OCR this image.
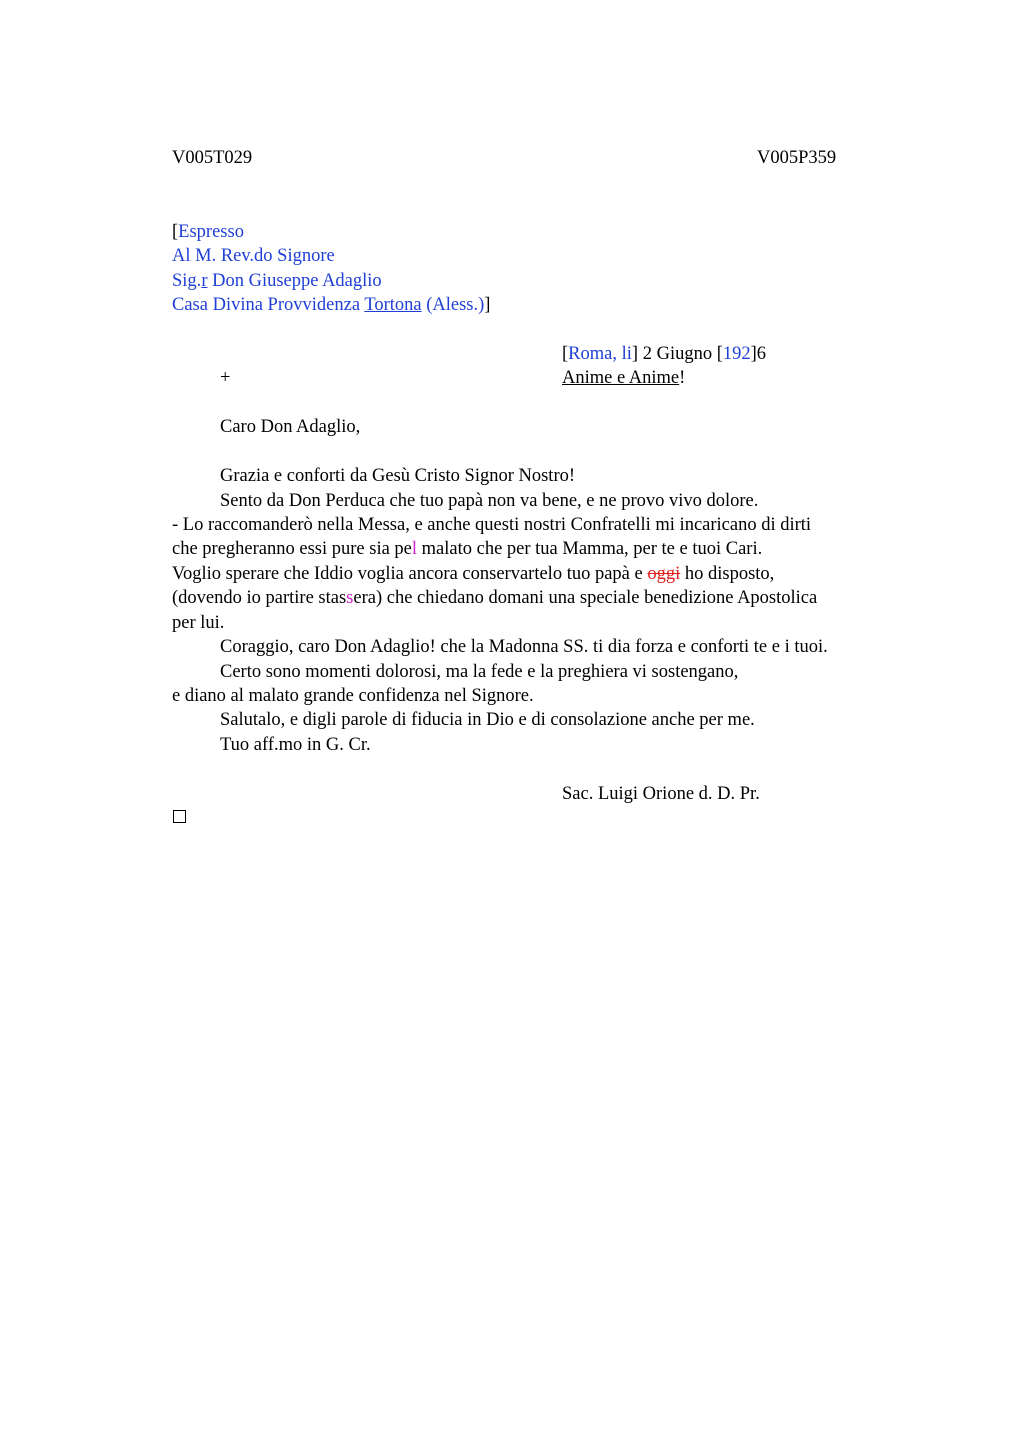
V005T029	V005P359
[Espresso
Al M. Rev.do Signore
Sig.r Don Giuseppe Adaglio
Casa Divina Provvidenza Tortona (Aless.)]
[Roma, li] 2 Giugno [192]6
+	Anime e Anime!
Caro Don Adaglio,
Grazia e conforti da Gesù Cristo Signor Nostro!
Sento da Don Perduca che tuo papà non va bene, e ne provo vivo dolore.
- Lo raccomanderò nella Messa, e anche questi nostri Confratelli mi incaricano di dirti
che pregheranno essi pure sia pel malato che per tua Mamma, per te e tuoi Cari.
Voglio sperare che Iddio voglia ancora conservartelo tuo papà e oggi ho disposto,
(dovendo io partire stassera) che chiedano domani una speciale benedizione Apostolica
per lui.
Coraggio, caro Don Adaglio! che la Madonna SS. ti dia forza e conforti te e i tuoi.
Certo sono momenti dolorosi, ma la fede e la preghiera vi sostengano,
e diano al malato grande confidenza nel Signore.
Salutalo, e digli parole di fiducia in Dio e di consolazione anche per me.
Tuo aff.mo in G. Cr.
Sac. Luigi Orione d. D. Pr.
